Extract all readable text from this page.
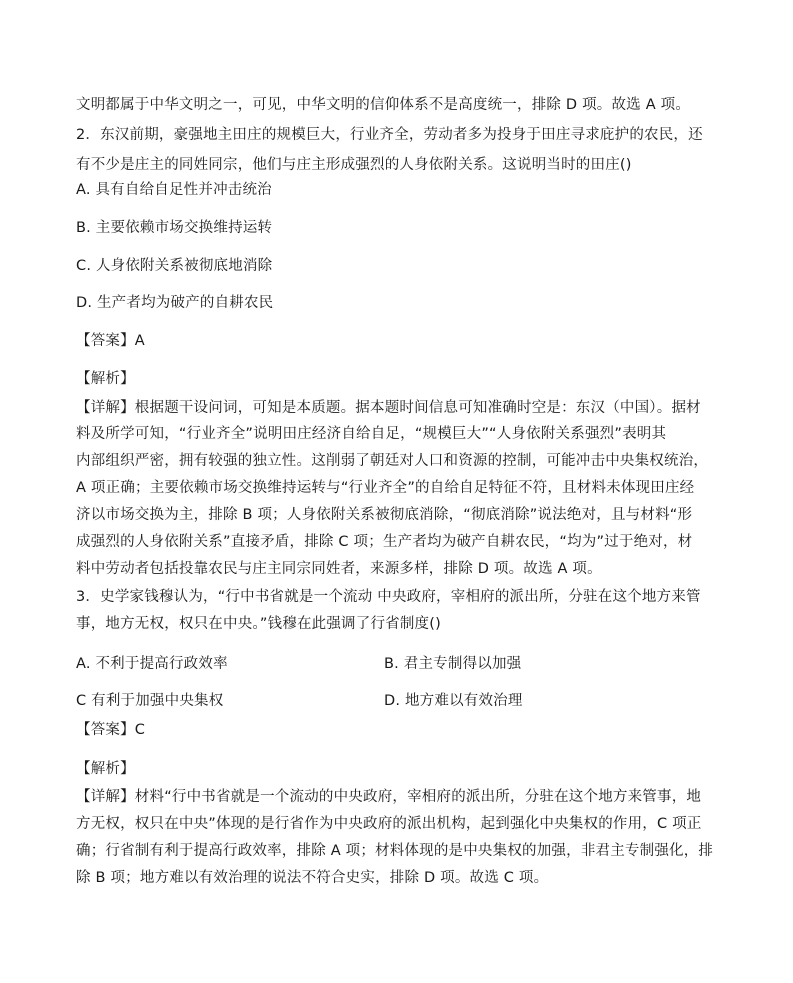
文明都属于中华文明之一，可见，中华文明的信仰体系不是高度统一，排除 D 项。故选 A 项。
2．东汉前期，豪强地主田庄的规模巨大，行业齐全，劳动者多为投身于田庄寻求庇护的农民，还
有不少是庄主的同姓同宗，他们与庄主形成强烈的人身依附关系。这说明当时的田庄()
A. 具有自给自足性并冲击统治
B. 主要依赖市场交换维持运转
C. 人身依附关系被彻底地消除
D. 生产者均为破产的自耕农民
【答案】A
【解析】
【详解】根据题干设问词，可知是本质题。据本题时间信息可知准确时空是：东汉（中国）。据材
料及所学可知，“行业齐全”说明田庄经济自给自足，“规模巨大”“人身依附关系强烈”表明其
内部组织严密，拥有较强的独立性。这削弱了朝廷对人口和资源的控制，可能冲击中央集权统治，
A 项正确；主要依赖市场交换维持运转与“行业齐全”的自给自足特征不符，且材料未体现田庄经
济以市场交换为主，排除 B 项；人身依附关系被彻底消除，“彻底消除”说法绝对，且与材料“形
成强烈的人身依附关系”直接矛盾，排除 C 项；生产者均为破产自耕农民，“均为”过于绝对，材
料中劳动者包括投靠农民与庄主同宗同姓者，来源多样，排除 D 项。故选 A 项。
3．史学家钱穆认为，“行中书省就是一个流动 中央政府，宰相府的派出所，分驻在这个地方来管
事，地方无权，权只在中央。”钱穆在此强调了行省制度()
A. 不利于提高行政效率	B. 君主专制得以加强
C 有利于加强中央集权	D. 地方难以有效治理
【答案】C
【解析】
【详解】材料“行中书省就是一个流动的中央政府，宰相府的派出所，分驻在这个地方来管事，地
方无权，权只在中央”体现的是行省作为中央政府的派出机构，起到强化中央集权的作用，C 项正
确；行省制有利于提高行政效率，排除 A 项；材料体现的是中央集权的加强，非君主专制强化，排
除 B 项；地方难以有效治理的说法不符合史实，排除 D 项。故选 C 项。
